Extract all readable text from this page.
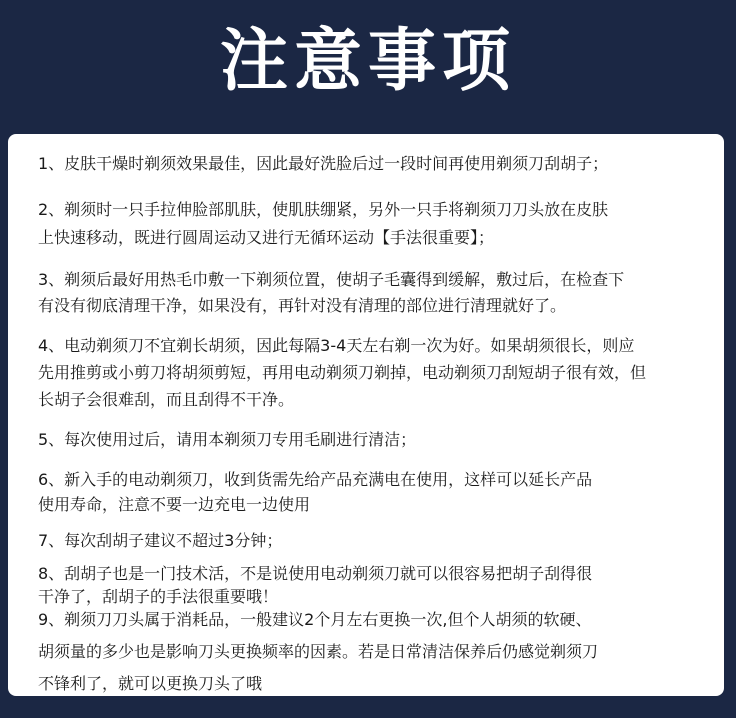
注意事项
1、皮肤干燥时剃须效果最佳，因此最好洗脸后过一段时间再使用剃须刀刮胡子；
2、剃须时一只手拉伸脸部肌肤，使肌肤绷紧，另外一只手将剃须刀刀头放在皮肤
上快速移动，既进行圆周运动又进行无循环运动【手法很重要】；
3、剃须后最好用热毛巾敷一下剃须位置，使胡子毛囊得到缓解，敷过后，在检查下
有没有彻底清理干净，如果没有，再针对没有清理的部位进行清理就好了。
4、电动剃须刀不宜剃长胡须，因此每隔3-4天左右剃一次为好。如果胡须很长，则应
先用推剪或小剪刀将胡须剪短，再用电动剃须刀剃掉，电动剃须刀刮短胡子很有效，但
长胡子会很难刮，而且刮得不干净。
5、每次使用过后，请用本剃须刀专用毛刷进行清洁；
6、新入手的电动剃须刀，收到货需先给产品充满电在使用，这样可以延长产品
使用寿命，注意不要一边充电一边使用
7、每次刮胡子建议不超过3分钟；
8、刮胡子也是一门技术活，不是说使用电动剃须刀就可以很容易把胡子刮得很
干净了，刮胡子的手法很重要哦！
9、剃须刀刀头属于消耗品，一般建议2个月左右更换一次,但个人胡须的软硬、
胡须量的多少也是影响刀头更换频率的因素。若是日常清洁保养后仍感觉剃须刀
不锋利了，就可以更换刀头了哦
